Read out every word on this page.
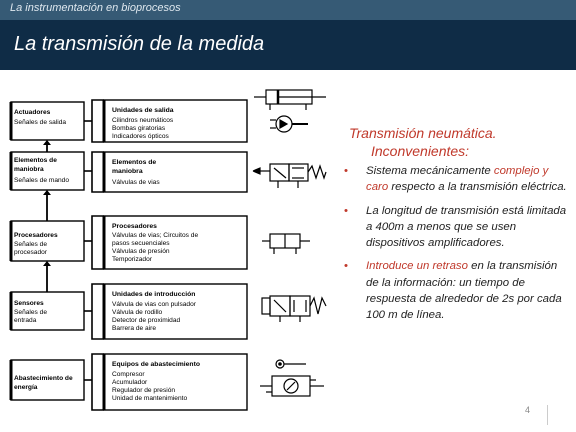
La instrumentación en bioprocesos
La transmisión de la medida
Actuadores
Señales de salida
Elementos de
maniobra
Señales de mando
Procesadores
Señales de
procesador
Sensores
Señales de
entrada
Abastecimiento de
energía
Unidades de salida
Cilindros neumáticos
Bombas giratorias
Indicadores ópticos
Elementos de
maniobra
Válvulas de vias
Procesadores
Válvulas de vias; Circuitos de
pasos secuenciales
Válvulas de presión
Temporizador
Unidades de introducción
Válvula de vias con pulsador
Válvula de rodillo
Detector de proximidad
Barrera de aire
Equipos de abastecimiento
Compresor
Acumulador
Regulador de presión
Unidad de mantenimiento
Transmisión neumática.
Inconvenientes:
• Sistema mecánicamente complejo y caro respecto a la transmisión eléctrica.
• La longitud de transmisión está limitada a 400m a menos que se usen dispositivos amplificadores.
• Introduce un retraso en la transmisión de la información: un tiempo de respuesta de alrededor de 2s por cada 100 m de línea.
4
